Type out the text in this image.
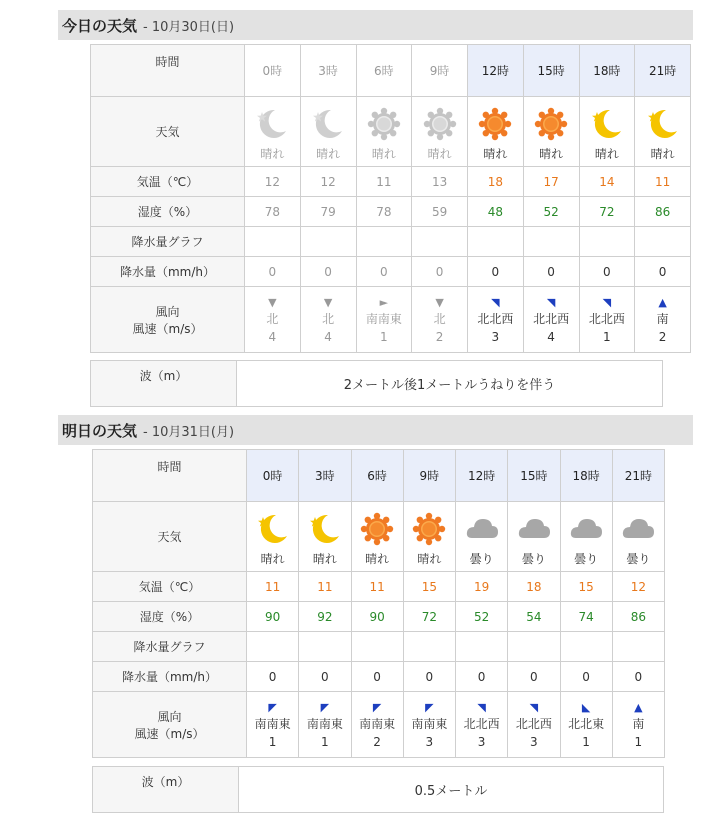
今日の天気 - 10月30日(日)
時間	0時	3時	6時	9時	12時	15時	18時	21時
天気	晴れ	晴れ	晴れ	晴れ	晴れ	晴れ	晴れ	晴れ

気温（℃）	12	12	11	13	18	17	14	11
湿度（%）	78	79	78	59	48	52	72	86
降水量グラフ								
降水量（mm/h）	0	0	0	0	0	0	0	0
風向
風速（m/s）	▼
北
4	▼
北
4	►
南南東
1	▼
北
2	◥
北北西
3	◥
北北西
4	◥
北北西
1	▲
南
2
波（m）	2メートル後1メートルうねりを伴う
明日の天気 - 10月31日(月)
時間	0時	3時	6時	9時	12時	15時	18時	21時
天気	晴れ	晴れ	晴れ	晴れ	曇り	曇り	曇り	曇り

気温（℃）	11	11	11	15	19	18	15	12
湿度（%）	90	92	90	72	52	54	74	86
降水量グラフ								
降水量（mm/h）	0	0	0	0	0	0	0	0
風向
風速（m/s）	◤
南南東
1	◤
南南東
1	◤
南南東
2	◤
南南東
3	◥
北北西
3	◥
北北西
3	◣
北北東
1	▲
南
1
波（m）	0.5メートル
